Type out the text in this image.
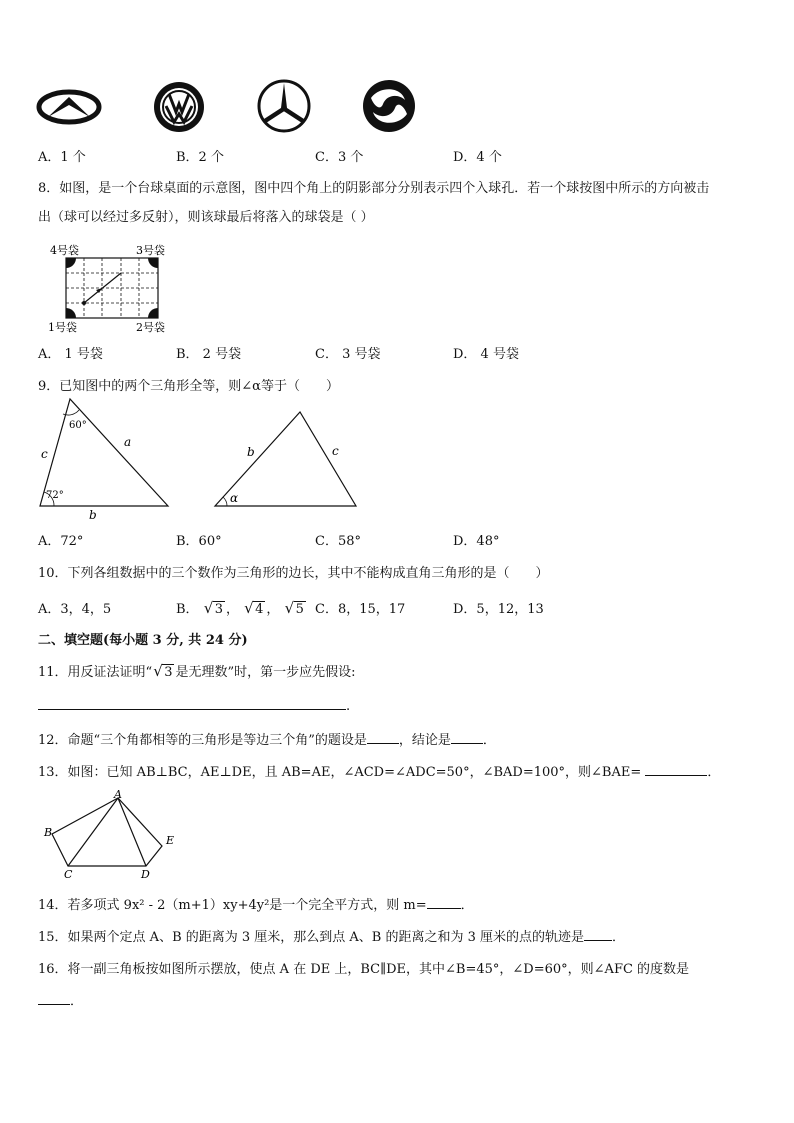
A．1 个	B．2 个	C．3 个	D．4 个
8．如图，是一个台球桌面的示意图，图中四个角上的阴影部分分别表示四个入球孔．若一个球按图中所示的方向被击
出（球可以经过多反射），则该球最后将落入的球袋是（ ）
4号袋	3号袋
1号袋	2号袋
A． 1 号袋	B． 2 号袋	C． 3 号袋	D． 4 号袋
9．已知图中的两个三角形全等，则∠α等于（　　）
60°
72°
a
c
b
α
b	c
A．72°	B．60°	C．58°	D．48°
10．下列各组数据中的三个数作为三角形的边长，其中不能构成直角三角形的是（　　）
A．3，4，5	B． √ 3 ， √ 4 ， √ 5 C．8，15，17	D．5，12，13
二、填空题(每小题 3 分, 共 24 分)
11．用反证法证明“ √ 3 是无理数”时，第一步应先假设:
.
12．命题“三个角都相等的三角形是等边三个角”的题设是 ，结论是 ．
13．如图：已知 AB⊥BC，AE⊥DE，且 AB=AE，∠ACD=∠ADC=50°，∠BAD=100°，则∠BAE=	．
A
B
C	D
E
14．若多项式 9x² - 2（m+1）xy+4y²是一个完全平方式，则 m=	．
15．如果两个定点 A、B 的距离为 3 厘米，那么到点 A、B 的距离之和为 3 厘米的点的轨迹是 ．
16．将一副三角板按如图所示摆放，使点 A 在 DE 上，BC∥DE，其中∠B=45°，∠D=60°，则∠AFC 的度数是
．
